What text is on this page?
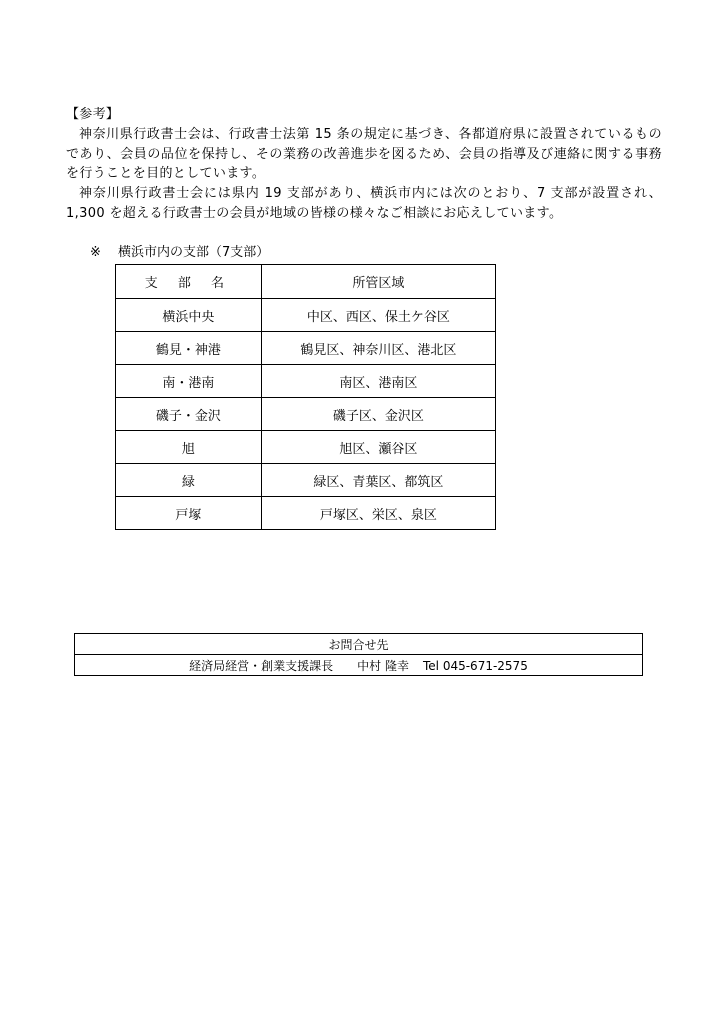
【参考】

神奈川県行政書士会は、行政書士法第 15 条の規定に基づき、各都道府県に設置されているものであり、会員の品位を保持し、その業務の改善進歩を図るため、会員の指導及び連絡に関する事務を行うことを目的としています。

神奈川県行政書士会には県内 19 支部があり、横浜市内には次のとおり、7 支部が設置され、1,300 を超える行政書士の会員が地域の皆様の様々なご相談にお応えしています。

※ 横浜市内の支部（7支部）
支 部 名	所管区域
横浜中央	中区、西区、保土ケ谷区
鶴見・神港	鶴見区、神奈川区、港北区
南・港南	南区、港南区
磯子・金沢	磯子区、金沢区
旭	旭区、瀬谷区
緑	緑区、青葉区、都筑区
戸塚	戸塚区、栄区、泉区
お問合せ先
経済局経営・創業支援課長 中村 隆幸 Tel 045-671-2575
